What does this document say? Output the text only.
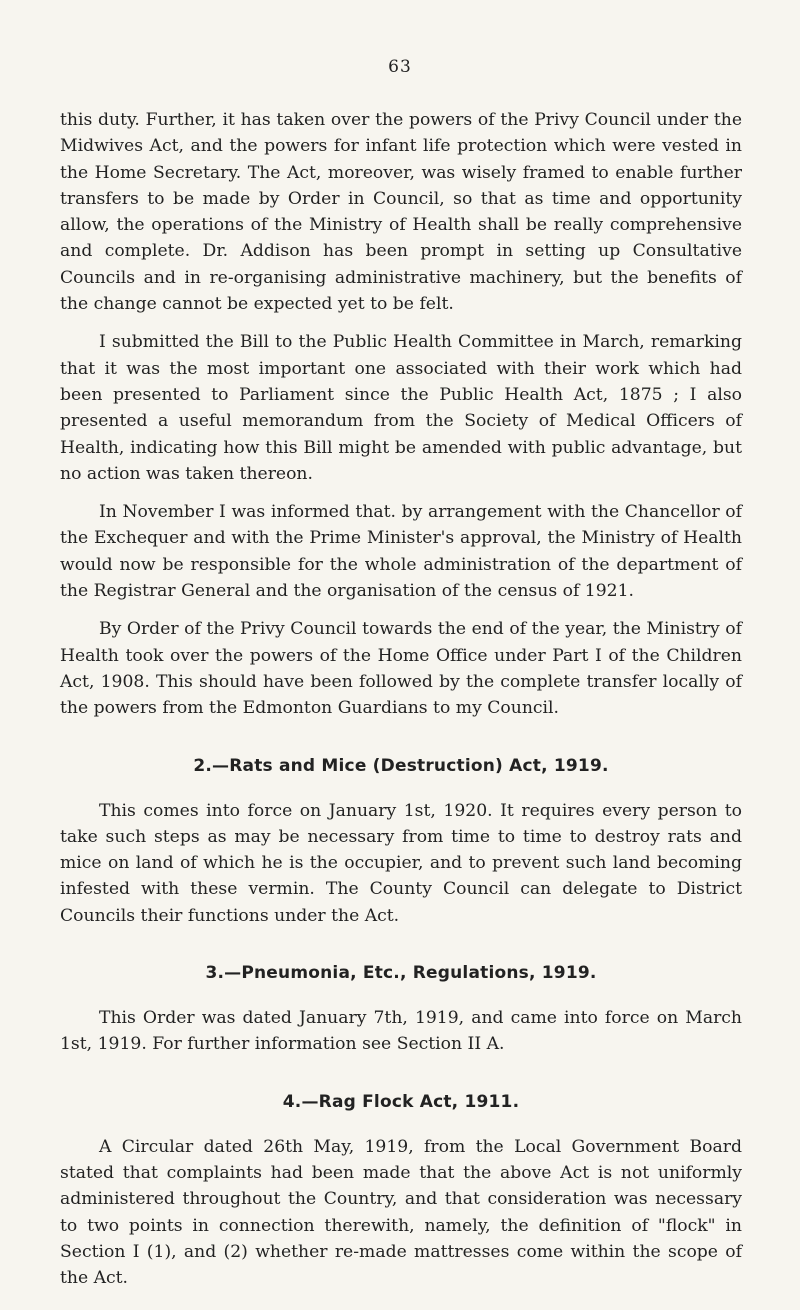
63

this duty. Further, it has taken over the powers of the Privy Council under the Midwives Act, and the powers for infant life protection which were vested in the Home Secretary. The Act, moreover, was wisely framed to enable further transfers to be made by Order in Council, so that as time and opportunity allow, the operations of the Ministry of Health shall be really comprehensive and complete. Dr. Addison has been prompt in setting up Consultative Councils and in re-organising administrative machinery, but the benefits of the change cannot be expected yet to be felt.

I submitted the Bill to the Public Health Committee in March, remarking that it was the most important one associated with their work which had been presented to Parliament since the Public Health Act, 1875 ; I also presented a useful memorandum from the Society of Medical Officers of Health, indicating how this Bill might be amended with public advantage, but no action was taken thereon.

In November I was informed that. by arrangement with the Chancellor of the Exchequer and with the Prime Minister's approval, the Ministry of Health would now be responsible for the whole administration of the department of the Registrar General and the organisation of the census of 1921.

By Order of the Privy Council towards the end of the year, the Ministry of Health took over the powers of the Home Office under Part I of the Children Act, 1908. This should have been followed by the complete transfer locally of the powers from the Edmonton Guardians to my Council.

2.—Rats and Mice (Destruction) Act, 1919.

This comes into force on January 1st, 1920. It requires every person to take such steps as may be necessary from time to time to destroy rats and mice on land of which he is the occupier, and to prevent such land becoming infested with these vermin. The County Council can delegate to District Councils their functions under the Act.

3.—Pneumonia, Etc., Regulations, 1919.

This Order was dated January 7th, 1919, and came into force on March 1st, 1919. For further information see Section II A.

4.—Rag Flock Act, 1911.

A Circular dated 26th May, 1919, from the Local Government Board stated that complaints had been made that the above Act is not uniformly administered throughout the Country, and that consideration was necessary to two points in connection therewith, namely, the definition of "flock" in Section I (1), and (2) whether re-made mattresses come within the scope of the Act.
